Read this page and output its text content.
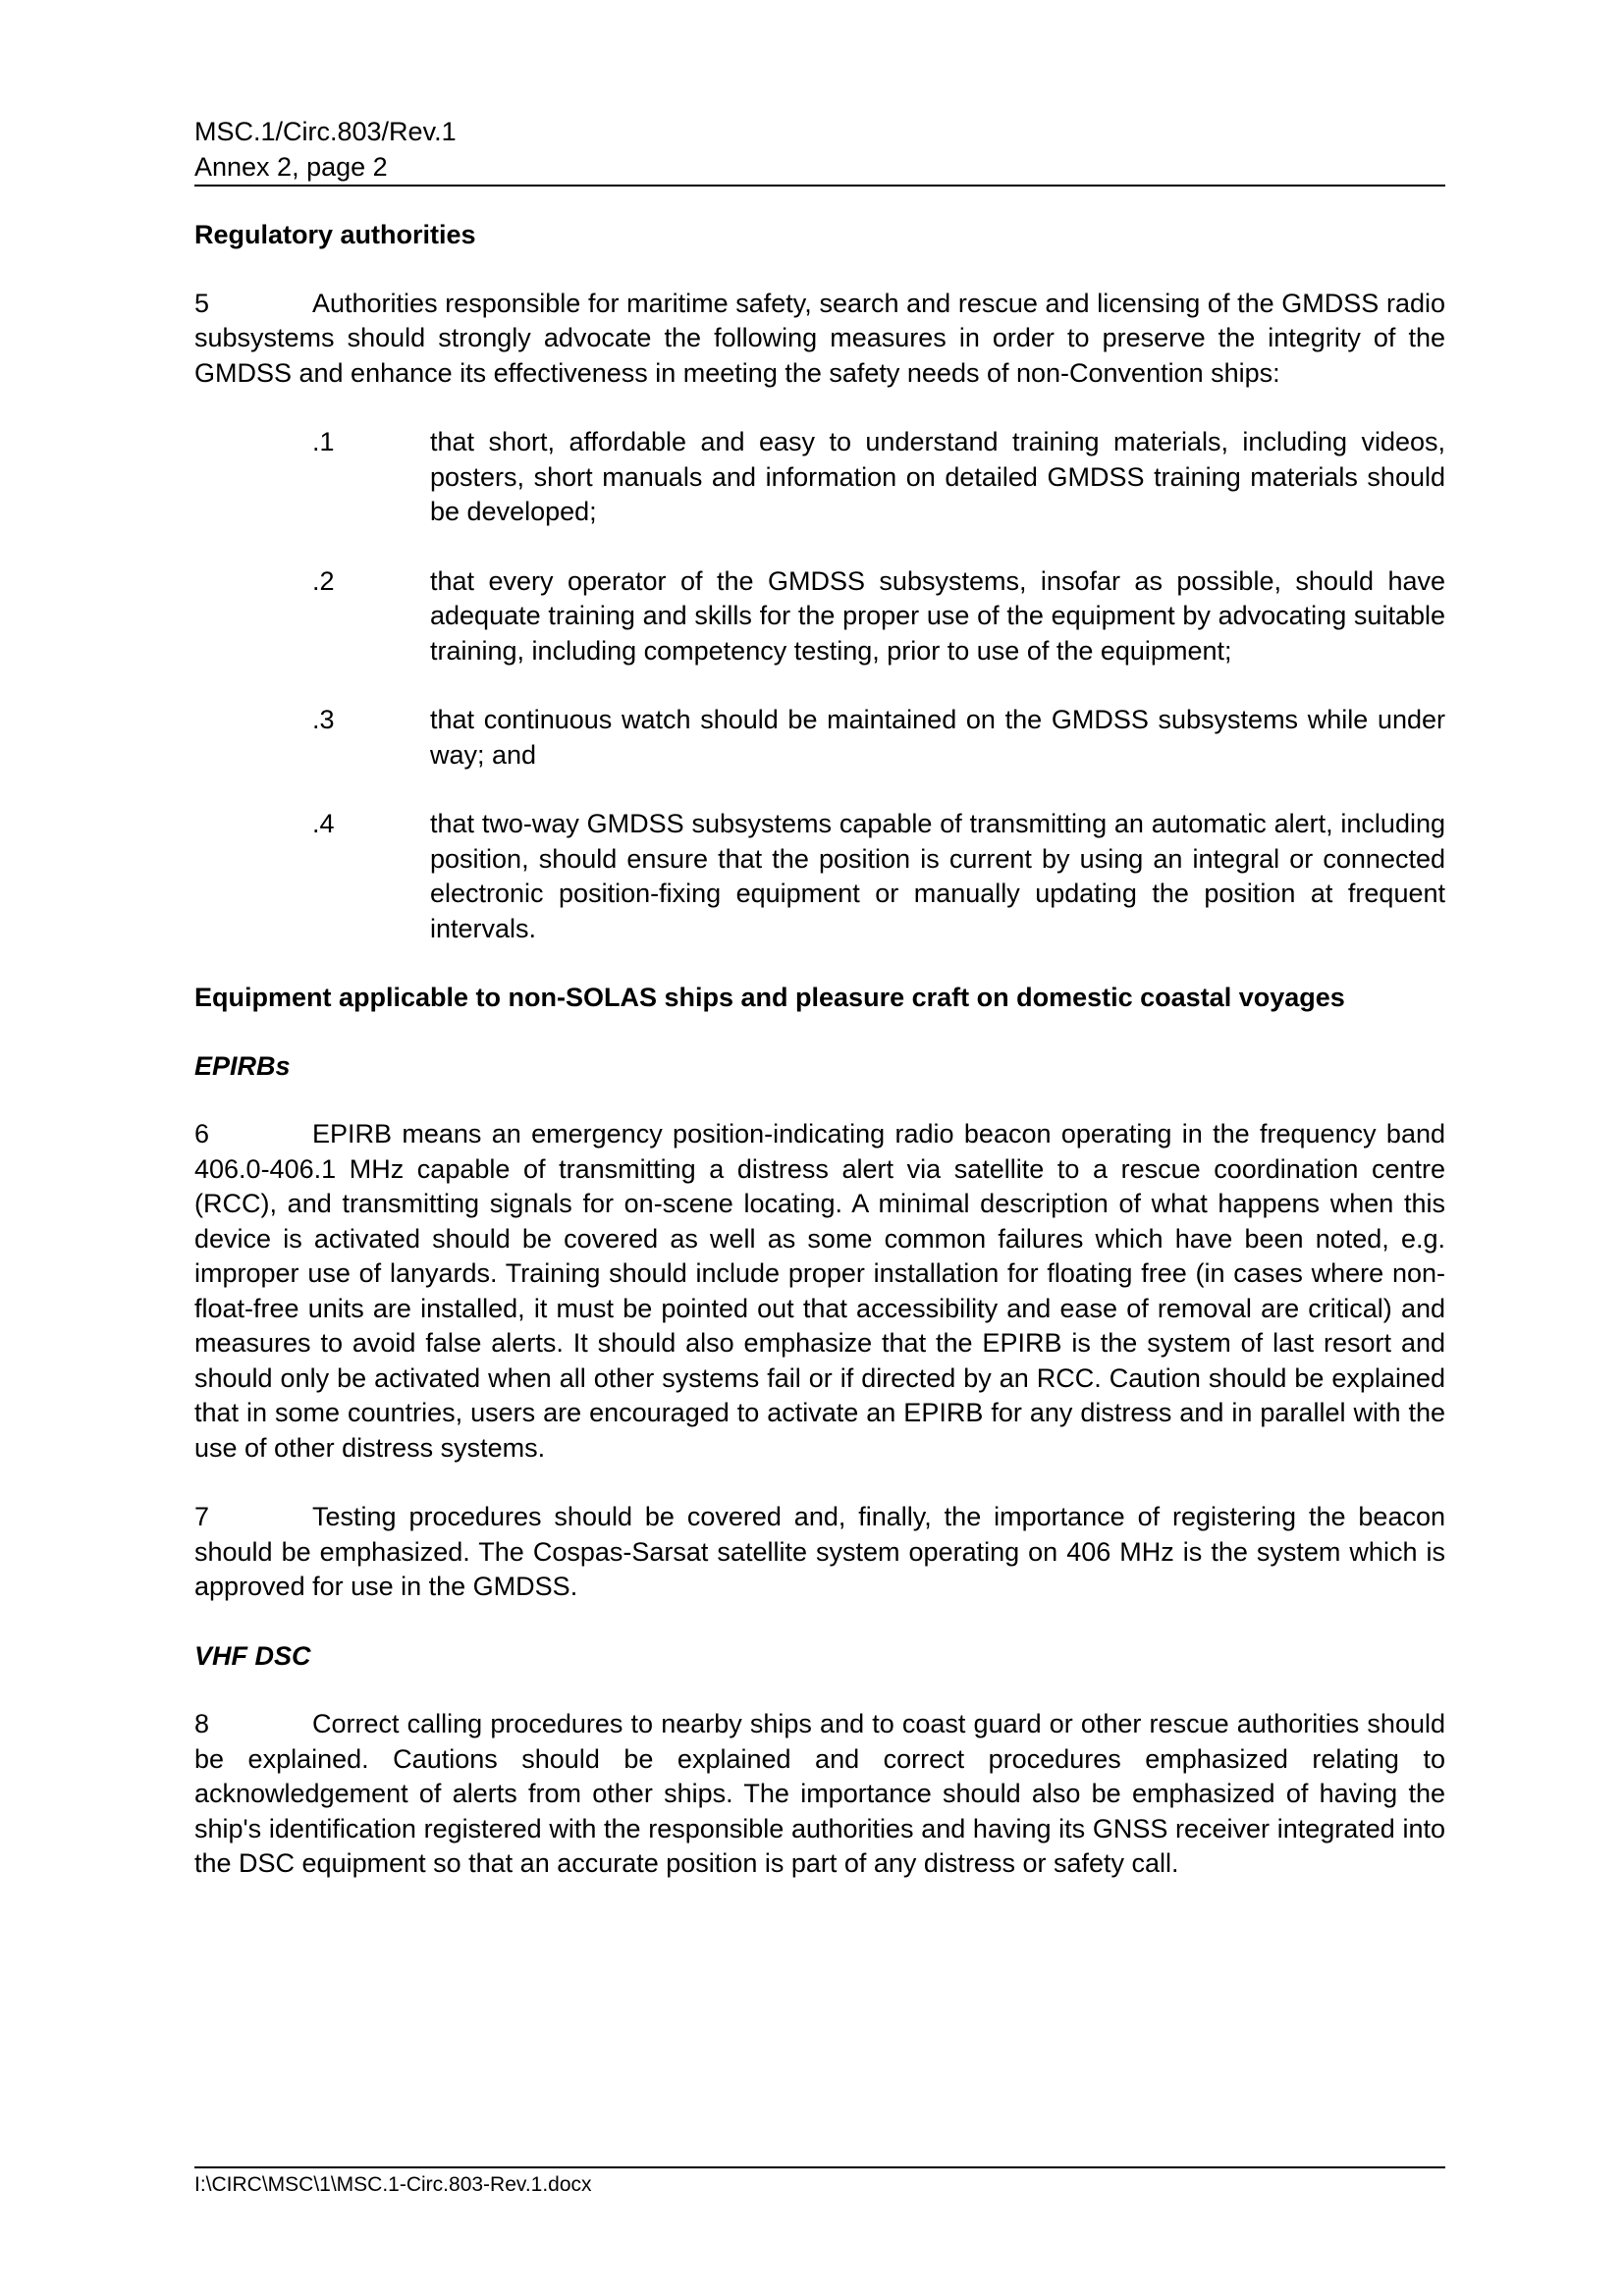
MSC.1/Circ.803/Rev.1
Annex 2, page 2
Regulatory authorities
5	Authorities responsible for maritime safety, search and rescue and licensing of the GMDSS radio subsystems should strongly advocate the following measures in order to preserve the integrity of the GMDSS and enhance its effectiveness in meeting the safety needs of non-Convention ships:
.1	that short, affordable and easy to understand training materials, including videos, posters, short manuals and information on detailed GMDSS training materials should be developed;
.2	that every operator of the GMDSS subsystems, insofar as possible, should have adequate training and skills for the proper use of the equipment by advocating suitable training, including competency testing, prior to use of the equipment;
.3	that continuous watch should be maintained on the GMDSS subsystems while under way; and
.4	that two-way GMDSS subsystems capable of transmitting an automatic alert, including position, should ensure that the position is current by using an integral or connected electronic position-fixing equipment or manually updating the position at frequent intervals.
Equipment applicable to non-SOLAS ships and pleasure craft on domestic coastal voyages
EPIRBs
6	EPIRB means an emergency position-indicating radio beacon operating in the frequency band 406.0-406.1 MHz capable of transmitting a distress alert via satellite to a rescue coordination centre (RCC), and transmitting signals for on-scene locating. A minimal description of what happens when this device is activated should be covered as well as some common failures which have been noted, e.g. improper use of lanyards. Training should include proper installation for floating free (in cases where non-float-free units are installed, it must be pointed out that accessibility and ease of removal are critical) and measures to avoid false alerts. It should also emphasize that the EPIRB is the system of last resort and should only be activated when all other systems fail or if directed by an RCC. Caution should be explained that in some countries, users are encouraged to activate an EPIRB for any distress and in parallel with the use of other distress systems.
7	Testing procedures should be covered and, finally, the importance of registering the beacon should be emphasized. The Cospas-Sarsat satellite system operating on 406 MHz is the system which is approved for use in the GMDSS.
VHF DSC
8	Correct calling procedures to nearby ships and to coast guard or other rescue authorities should be explained. Cautions should be explained and correct procedures emphasized relating to acknowledgement of alerts from other ships. The importance should also be emphasized of having the ship's identification registered with the responsible authorities and having its GNSS receiver integrated into the DSC equipment so that an accurate position is part of any distress or safety call.
I:\CIRC\MSC\1\MSC.1-Circ.803-Rev.1.docx
